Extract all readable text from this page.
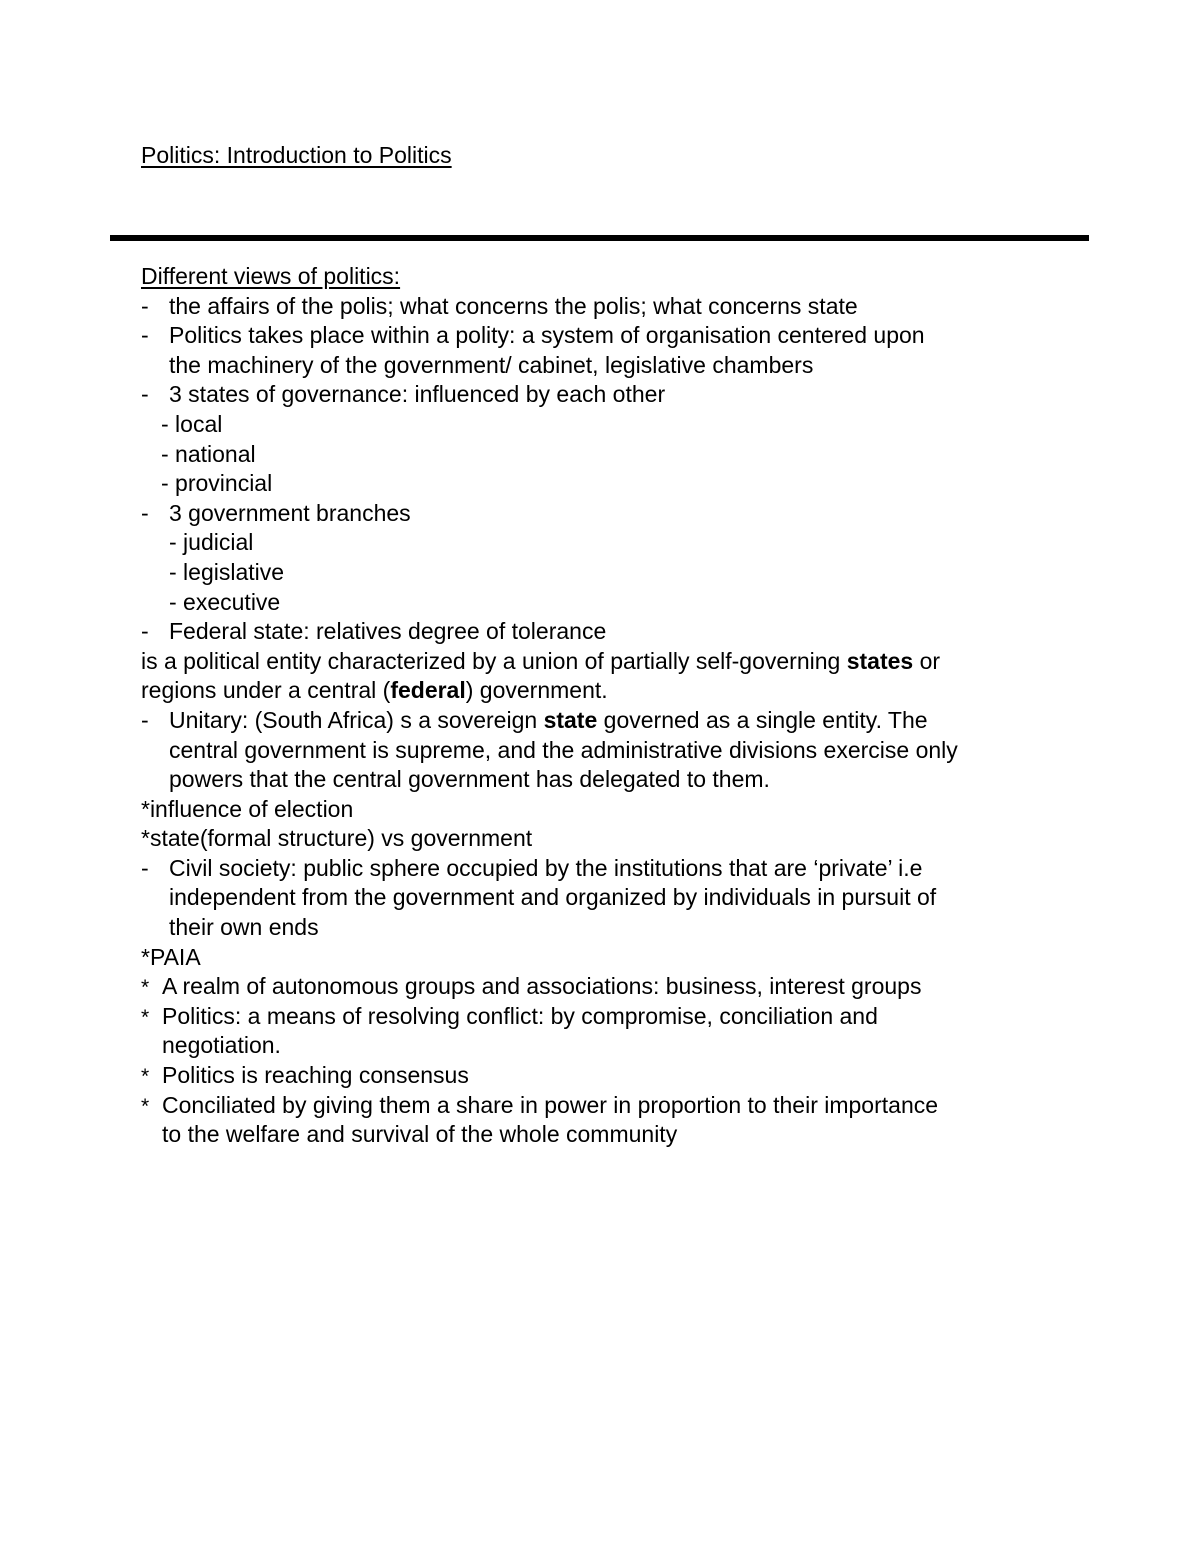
Politics: Introduction to Politics
Different views of politics:
- the affairs of the polis; what concerns the polis; what concerns state
- Politics takes place within a polity: a system of organisation centered upon
the machinery of the government/ cabinet, legislative chambers
- 3 states of governance: influenced by each other
- local
- national
- provincial
- 3 government branches
- judicial
- legislative
- executive
- Federal state: relatives degree of tolerance
is a political entity characterized by a union of partially self-governing states or
regions under a central (federal) government.
- Unitary: (South Africa) s a sovereign state governed as a single entity. The
central government is supreme, and the administrative divisions exercise only
powers that the central government has delegated to them.
*influence of election
*state(formal structure) vs government
- Civil society: public sphere occupied by the institutions that are ‘private’ i.e
independent from the government and organized by individuals in pursuit of
their own ends
*PAIA
* A realm of autonomous groups and associations: business, interest groups
* Politics: a means of resolving conflict: by compromise, conciliation and
negotiation.
* Politics is reaching consensus
* Conciliated by giving them a share in power in proportion to their importance
to the welfare and survival of the whole community
